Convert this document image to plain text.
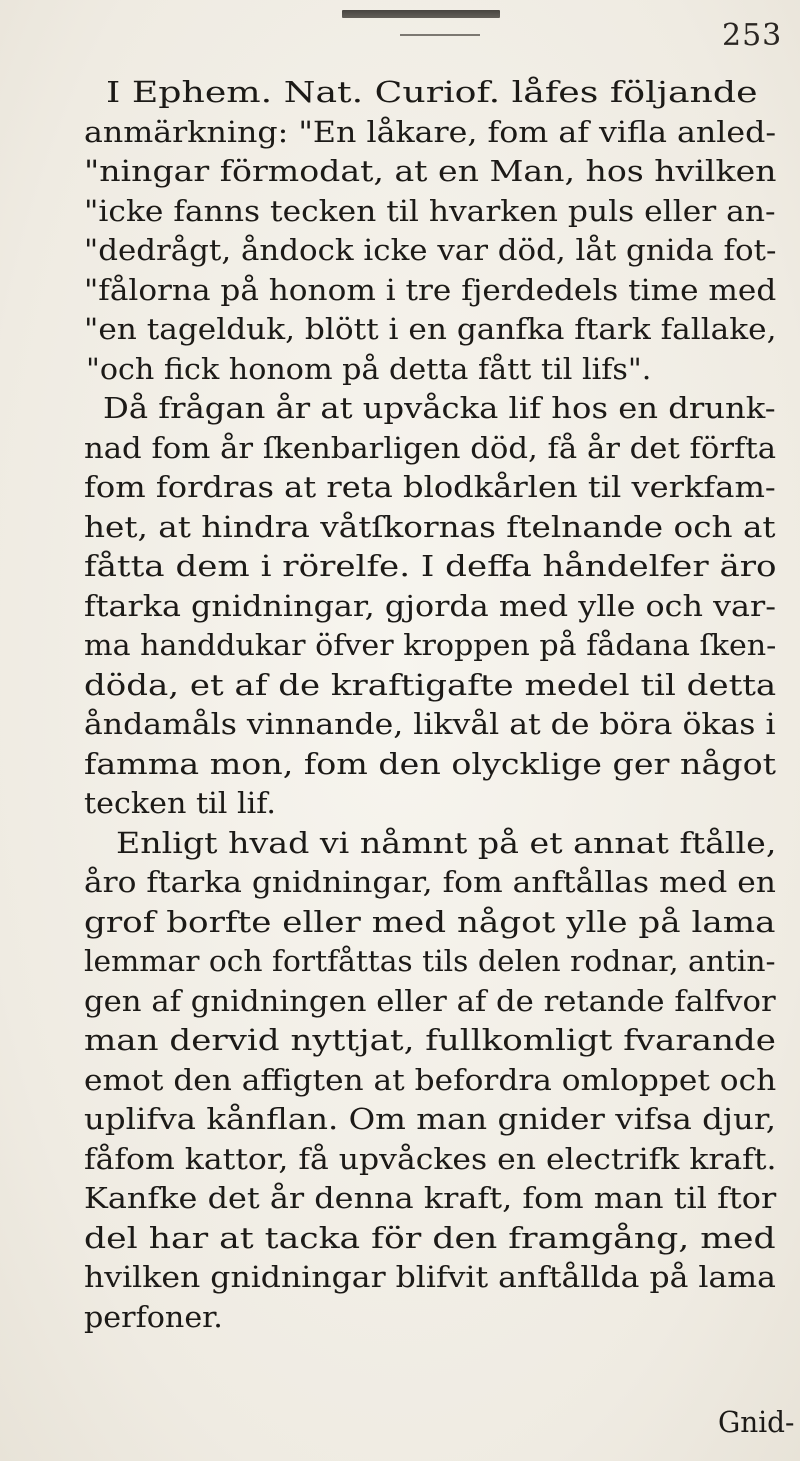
253
I Ephem. Nat. Curiof. låfes följande
anmärkning: "En låkare, fom af vifla anled-
"ningar förmodat, at en Man, hos hvilken
"icke fanns tecken til hvarken puls eller an-
"dedrågt, åndock icke var död, låt gnida fot-
"fålorna på honom i tre fjerdedels time med
"en tagelduk, blött i en ganfka ftark fallake,
"och fick honom på detta fått til lifs".
Då frågan år at upvåcka lif hos en drunk-
nad fom år ſkenbarligen död, få år det förfta
fom fordras at reta blodkårlen til verkfam-
het, at hindra våtſkornas ftelnande och at
fåtta dem i rörelfe. I deffa håndelfer äro
ftarka gnidningar, gjorda med ylle och var-
ma handdukar öfver kroppen på fådana ſken-
döda, et af de kraftigafte medel til detta
åndamåls vinnande, likvål at de böra ökas i
famma mon, fom den olycklige ger något
tecken til lif.
Enligt hvad vi nåmnt på et annat ftålle,
åro ftarka gnidningar, fom anftållas med en
grof borfte eller med något ylle på lama
lemmar och fortfåttas tils delen rodnar, antin-
gen af gnidningen eller af de retande falfvor
man dervid nyttjat, fullkomligt fvarande
emot den affigten at befordra omloppet och
uplifva kånflan. Om man gnider vifsa djur,
fåfom kattor, få upvåckes en electrifk kraft.
Kanfke det år denna kraft, fom man til ftor
del har at tacka för den framgång, med
hvilken gnidningar blifvit anftållda på lama
perfoner.
Gnid-
